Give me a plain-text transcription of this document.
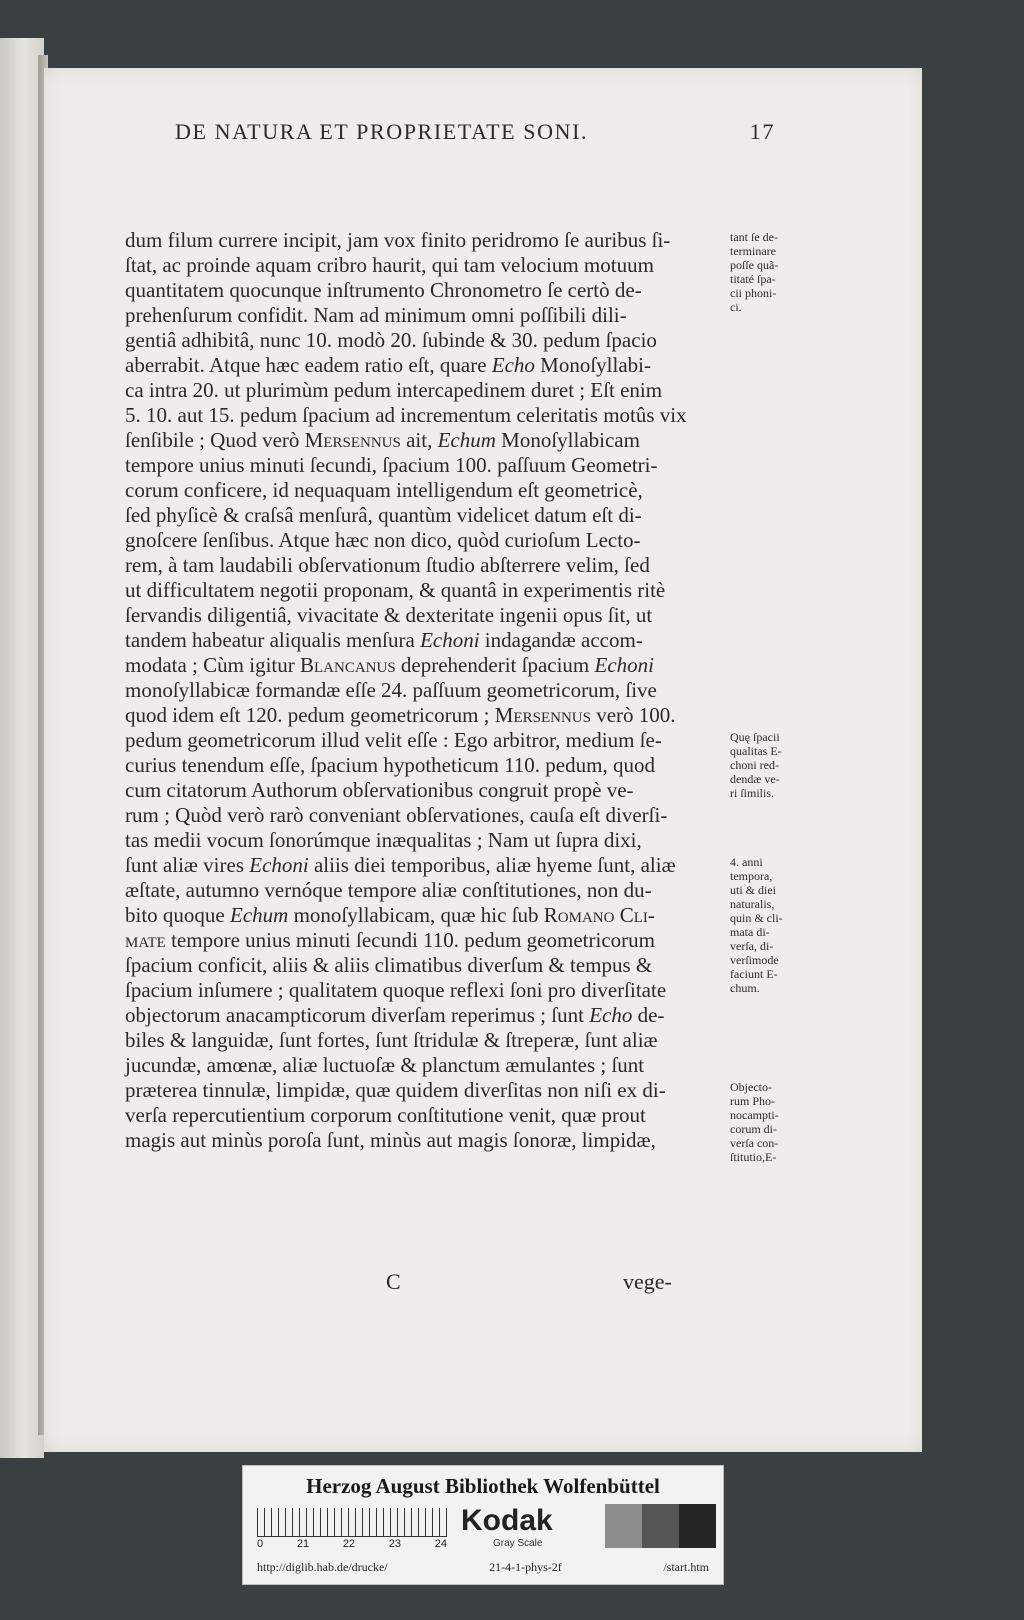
DE NATURA ET PROPRIETATE SONI.	17
dum filum currere incipit, jam vox finito peridromo ſe auribus ſi-
ſtat, ac proinde aquam cribro haurit, qui tam velocium motuum
quantitatem quocunque inſtrumento Chronometro ſe certò de-
prehenſurum confidit. Nam ad minimum omni poſſibili dili-
gentiâ adhibitâ, nunc 10. modò 20. ſubinde & 30. pedum ſpacio
aberrabit. Atque hæc eadem ratio eſt, quare Echo Monoſyllabi-
ca intra 20. ut plurimùm pedum intercapedinem duret ; Eſt enim
5. 10. aut 15. pedum ſpacium ad incrementum celeritatis motûs vix
ſenſibile ; Quod verò Mersennus ait, Echum Monoſyllabicam
tempore unius minuti ſecundi, ſpacium 100. paſſuum Geometri-
corum conficere, id nequaquam intelligendum eſt geometricè,
ſed phyſicè & craſsâ menſurâ, quantùm videlicet datum eſt di-
gnoſcere ſenſibus. Atque hæc non dico, quòd curioſum Lecto-
rem, à tam laudabili obſervationum ſtudio abſterrere velim, ſed
ut difficultatem negotii proponam, & quantâ in experimentis ritè
ſervandis diligentiâ, vivacitate & dexteritate ingenii opus ſit, ut
tandem habeatur aliqualis menſura Echoni indagandæ accom-
modata ; Cùm igitur Blancanus deprehenderit ſpacium Echoni
monoſyllabicæ formandæ eſſe 24. paſſuum geometricorum, ſive
quod idem eſt 120. pedum geometricorum ; Mersennus verò 100.
pedum geometricorum illud velit eſſe : Ego arbitror, medium ſe-
curius tenendum eſſe, ſpacium hypotheticum 110. pedum, quod
cum citatorum Authorum obſervationibus congruit propè ve-
rum ; Quòd verò rarò conveniant obſervationes, cauſa eſt diverſi-
tas medii vocum ſonorúmque inæqualitas ; Nam ut ſupra dixi,
ſunt aliæ vires Echoni aliis diei temporibus, aliæ hyeme ſunt, aliæ
æſtate, autumno vernóque tempore aliæ conſtitutiones, non du-
bito quoque Echum monoſyllabicam, quæ hic ſub Romano Cli-
mate tempore unius minuti ſecundi 110. pedum geometricorum
ſpacium conficit, aliis & aliis climatibus diverſum & tempus &
ſpacium inſumere ; qualitatem quoque reflexi ſoni pro diverſitate
objectorum anacampticorum diverſam reperimus ; ſunt Echo de-
biles & languidæ, ſunt fortes, ſunt ſtridulæ & ſtreperæ, ſunt aliæ
jucundæ, amœnæ, aliæ luctuoſæ & planctum æmulantes ; ſunt
præterea tinnulæ, limpidæ, quæ quidem diverſitas non niſi ex di-
verſa repercutientium corporum conſtitutione venit, quæ prout
magis aut minùs poroſa ſunt, minùs aut magis ſonoræ, limpidæ,
tant ſe de-
terminare
poſſe quã-
titaté ſpa-
cii phoni-
ci.
Quę ſpacii
qualitas E-
choni red-
dendæ ve-
ri ſimilis.
4. anni
tempora,
uti & diei
naturalis,
quin & cli-
mata di-
verſa, di-
verſimode
faciunt E-
chum.
Objecto-
rum Pho-
nocampti-
corum di-
verſa con-
ſtitutio,E-
C	vege-
Herzog August Bibliothek Wolfenbüttel
0	21	22	23	24
Kodak
Gray Scale
http://diglib.hab.de/drucke/	21-4-1-phys-2f	/start.htm
